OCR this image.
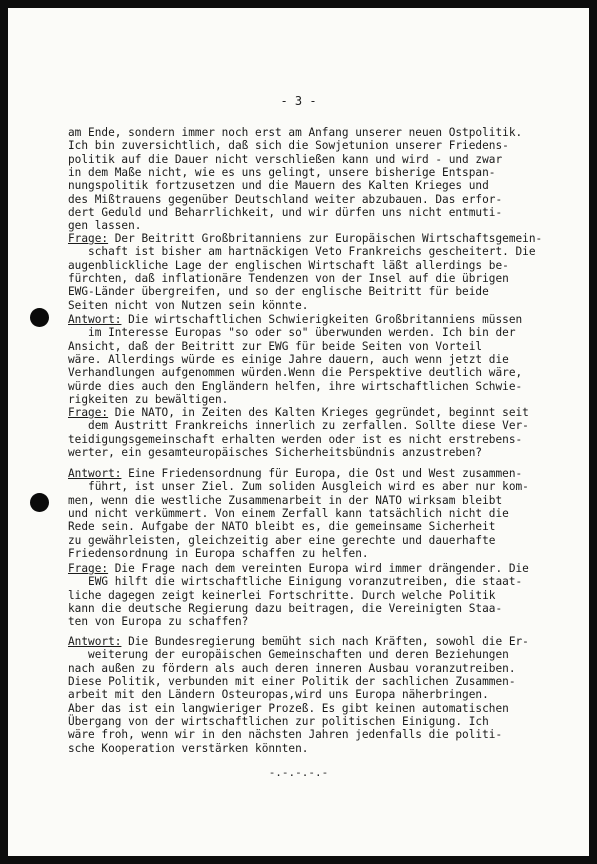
- 3 -
am Ende, sondern immer noch erst am Anfang unserer neuen Ostpolitik.
Ich bin zuversichtlich, daß sich die Sowjetunion unserer Friedens-
politik auf die Dauer nicht verschließen kann und wird - und zwar
in dem Maße nicht, wie es uns gelingt, unsere bisherige Entspan-
nungspolitik fortzusetzen und die Mauern des Kalten Krieges und
des Mißtrauens gegenüber Deutschland weiter abzubauen. Das erfor-
dert Geduld und Beharrlichkeit, und wir dürfen uns nicht entmuti-
gen lassen.
Frage: Der Beitritt Großbritanniens zur Europäischen Wirtschaftsgemein-
schaft ist bisher am hartnäckigen Veto Frankreichs gescheitert. Die
augenblickliche Lage der englischen Wirtschaft läßt allerdings be-
fürchten, daß inflationäre Tendenzen von der Insel auf die übrigen
EWG-Länder übergreifen, und so der englische Beitritt für beide
Seiten nicht von Nutzen sein könnte.
Antwort: Die wirtschaftlichen Schwierigkeiten Großbritanniens müssen
im Interesse Europas "so oder so" überwunden werden. Ich bin der
Ansicht, daß der Beitritt zur EWG für beide Seiten von Vorteil
wäre. Allerdings würde es einige Jahre dauern, auch wenn jetzt die
Verhandlungen aufgenommen würden.Wenn die Perspektive deutlich wäre,
würde dies auch den Engländern helfen, ihre wirtschaftlichen Schwie-
rigkeiten zu bewältigen.
Frage: Die NATO, in Zeiten des Kalten Krieges gegründet, beginnt seit
dem Austritt Frankreichs innerlich zu zerfallen. Sollte diese Ver-
teidigungsgemeinschaft erhalten werden oder ist es nicht erstrebens-
werter, ein gesamteuropäisches Sicherheitsbündnis anzustreben?
Antwort: Eine Friedensordnung für Europa, die Ost und West zusammen-
führt, ist unser Ziel. Zum soliden Ausgleich wird es aber nur kom-
men, wenn die westliche Zusammenarbeit in der NATO wirksam bleibt
und nicht verkümmert. Von einem Zerfall kann tatsächlich nicht die
Rede sein. Aufgabe der NATO bleibt es, die gemeinsame Sicherheit
zu gewährleisten, gleichzeitig aber eine gerechte und dauerhafte
Friedensordnung in Europa schaffen zu helfen.
Frage: Die Frage nach dem vereinten Europa wird immer drängender. Die
EWG hilft die wirtschaftliche Einigung voranzutreiben, die staat-
liche dagegen zeigt keinerlei Fortschritte. Durch welche Politik
kann die deutsche Regierung dazu beitragen, die Vereinigten Staa-
ten von Europa zu schaffen?
Antwort: Die Bundesregierung bemüht sich nach Kräften, sowohl die Er-
weiterung der europäischen Gemeinschaften und deren Beziehungen
nach außen zu fördern als auch deren inneren Ausbau voranzutreiben.
Diese Politik, verbunden mit einer Politik der sachlichen Zusammen-
arbeit mit den Ländern Osteuropas,wird uns Europa näherbringen.
Aber das ist ein langwieriger Prozeß. Es gibt keinen automatischen
Übergang von der wirtschaftlichen zur politischen Einigung. Ich
wäre froh, wenn wir in den nächsten Jahren jedenfalls die politi-
sche Kooperation verstärken könnten.
-.-.-.-.-
